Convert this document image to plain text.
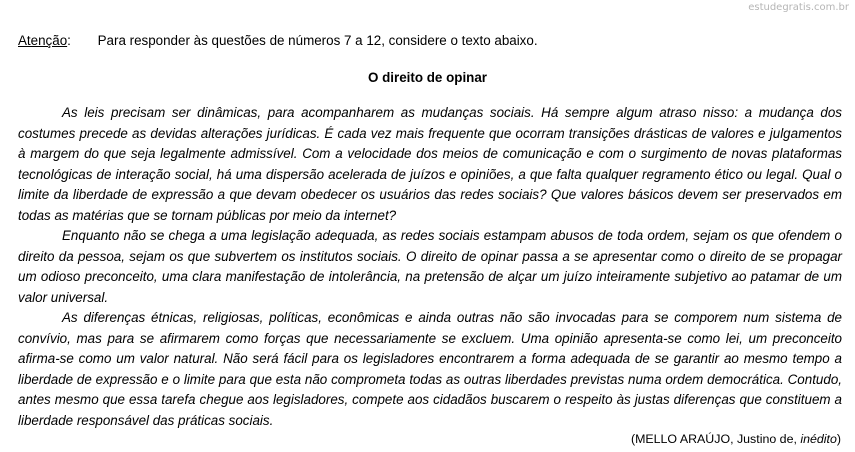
estudegratis.com.br
Atenção: Para responder às questões de números 7 a 12, considere o texto abaixo.
O direito de opinar

As leis precisam ser dinâmicas, para acompanharem as mudanças sociais. Há sempre algum atraso nisso: a mudança dos costumes precede as devidas alterações jurídicas. É cada vez mais frequente que ocorram transições drásticas de valores e julgamentos à margem do que seja legalmente admissível. Com a velocidade dos meios de comunicação e com o surgimento de novas plataformas tecnológicas de interação social, há uma dispersão acelerada de juízos e opiniões, a que falta qualquer regramento ético ou legal. Qual o limite da liberdade de expressão a que devam obedecer os usuários das redes sociais? Que valores básicos devem ser preservados em todas as matérias que se tornam públicas por meio da internet?

Enquanto não se chega a uma legislação adequada, as redes sociais estampam abusos de toda ordem, sejam os que ofendem o direito da pessoa, sejam os que subvertem os institutos sociais. O direito de opinar passa a se apresentar como o direito de se propagar um odioso preconceito, uma clara manifestação de intolerância, na pretensão de alçar um juízo inteiramente subjetivo ao patamar de um valor universal.

As diferenças étnicas, religiosas, políticas, econômicas e ainda outras não são invocadas para se comporem num sistema de convívio, mas para se afirmarem como forças que necessariamente se excluem. Uma opinião apresenta-se como lei, um preconceito afirma-se como um valor natural. Não será fácil para os legisladores encontrarem a forma adequada de se garantir ao mesmo tempo a liberdade de expressão e o limite para que esta não comprometa todas as outras liberdades previstas numa ordem democrática. Contudo, antes mesmo que essa tarefa chegue aos legisladores, compete aos cidadãos buscarem o respeito às justas diferenças que constituem a liberdade responsável das práticas sociais.

(MELLO ARAÚJO, Justino de, inédito)
